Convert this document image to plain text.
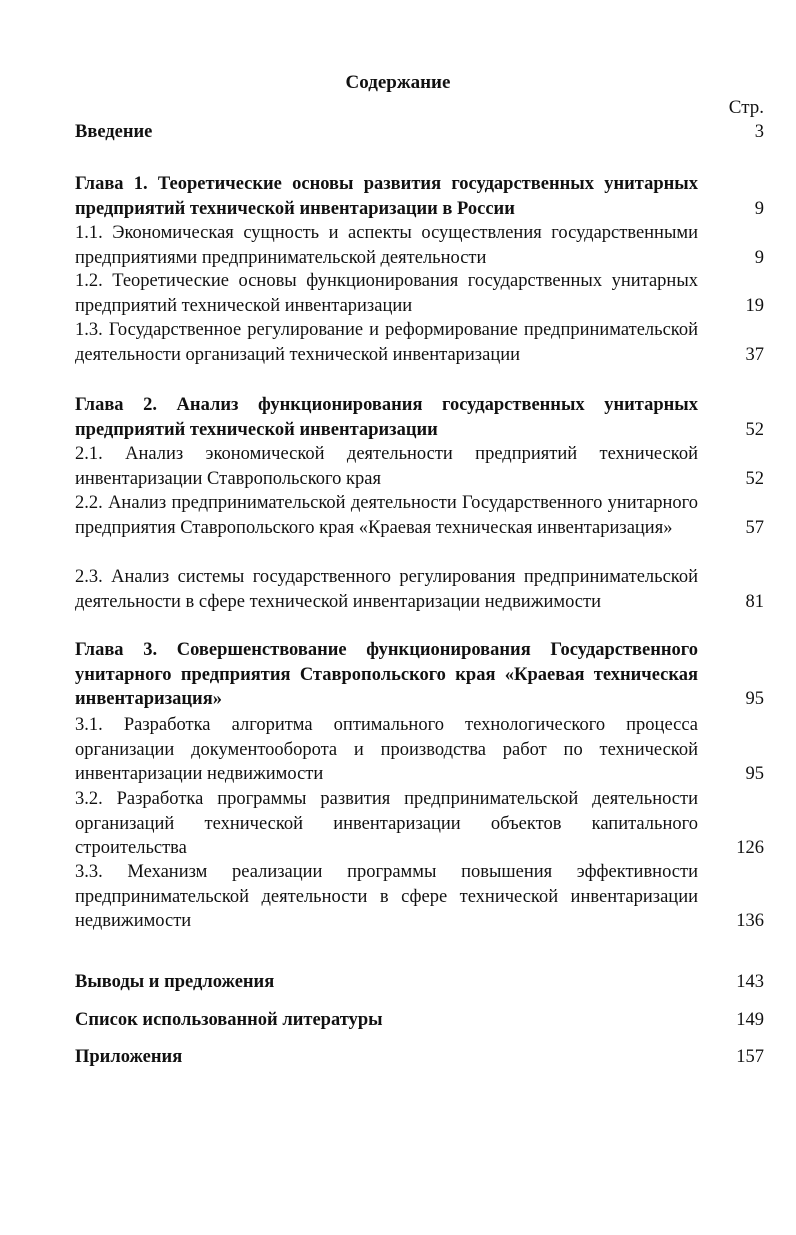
Содержание
Стр.
Введение	3
Глава 1. Теоретические основы развития государственных унитарных предприятий технической инвентаризации в России	9
1.1. Экономическая сущность и аспекты осуществления государственными предприятиями предпринимательской деятельности	9
1.2. Теоретические основы функционирования государственных унитарных предприятий технической инвентаризации	19
1.3. Государственное регулирование и реформирование предпринимательской деятельности организаций технической инвентаризации	37
Глава 2. Анализ функционирования государственных унитарных предприятий технической инвентаризации	52
2.1. Анализ экономической деятельности предприятий технической инвентаризации Ставропольского края	52
2.2. Анализ предпринимательской деятельности Государственного унитарного предприятия Ставропольского края «Краевая техническая инвентаризация»	57
2.3. Анализ системы государственного регулирования предпринимательской деятельности в сфере технической инвентаризации недвижимости	81
Глава 3. Совершенствование функционирования Государственного унитарного предприятия Ставропольского края «Краевая техническая инвентаризация»	95
3.1. Разработка алгоритма оптимального технологического процесса организации документооборота и производства работ по технической инвентаризации недвижимости	95
3.2. Разработка программы развития предпринимательской деятельности организаций технической инвентаризации объектов капитального строительства	126
3.3. Механизм реализации программы повышения эффективности предпринимательской деятельности в сфере технической инвентаризации недвижимости	136
Выводы и предложения	143
Список использованной литературы	149
Приложения	157
